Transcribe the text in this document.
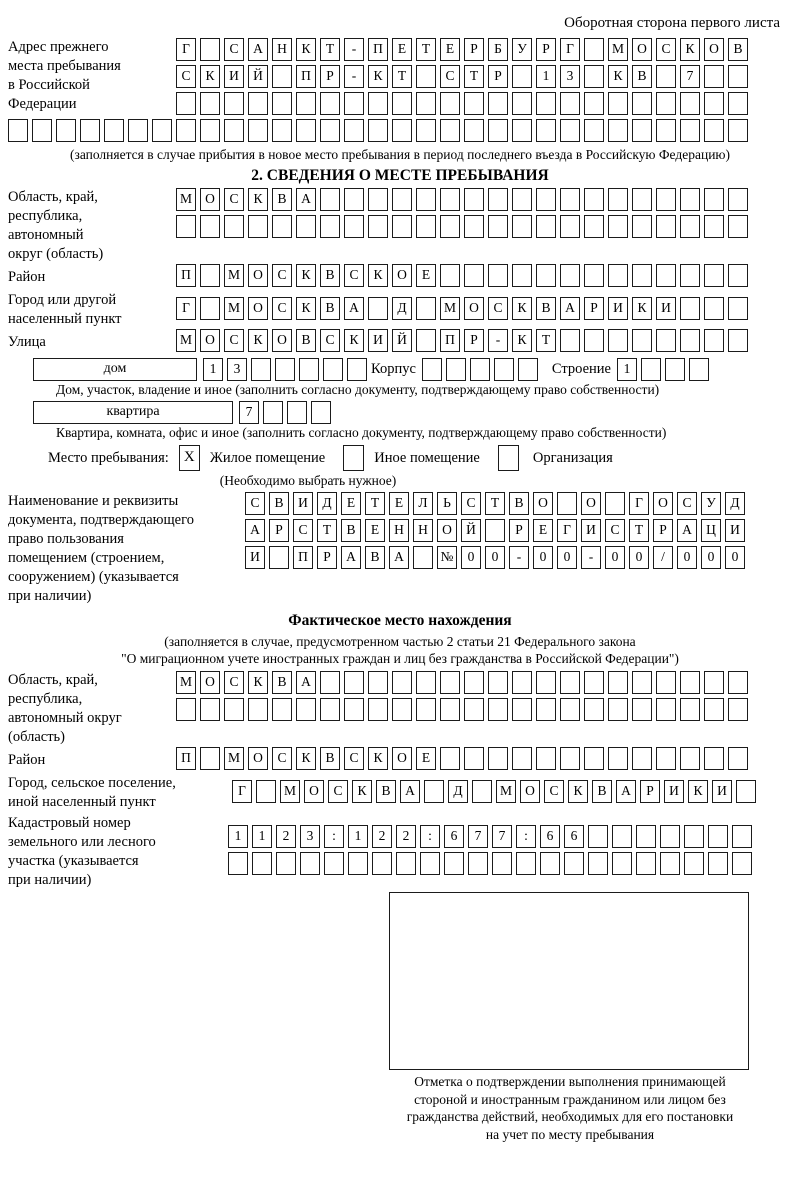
Оборотная сторона первого листа
Адрес прежнего
места пребывания
в Российской
Федерации
Г	С А Н К Т - П Е Т Е Р Б У Р Г	М О С К О В
С К И Й	П Р - К Т	С Т Р	1 3	К В	7
(заполняется в случае прибытия в новое место пребывания в период последнего въезда в Российскую Федерацию)
2. СВЕДЕНИЯ О МЕСТЕ ПРЕБЫВАНИЯ
Область, край,
республика,
автономный
округ (область)
М О С К В А
Район	П	М О С К В С К О Е
Город или другой
населенный пункт
Г	М О С К В А	Д	М О С К В А Р И К И
Улица	М О С К О В С К И Й	П Р - К Т
дом	1 3	Корпус	Строение 1
Дом, участок, владение и иное (заполнить согласно документу, подтверждающему право собственности)
квартира	7
Квартира, комната, офис и иное (заполнить согласно документу, подтверждающему право собственности)
Место пребывания:	X	Жилое помещение	Иное помещение	Организация
(Необходимо выбрать нужное)
Наименование и реквизиты
документа, подтверждающего
право пользования
помещением (строением,
сооружением) (указывается
при наличии)
С В И Д Е Т Е Л Ь С Т В О	О	Г О С У Д
А Р С Т В Е Н Н О Й	Р Е Г И С Т Р А Ц И
И	П Р А В А	№ 0 0 - 0 0 - 0 0 / 0 0 0
Фактическое место нахождения
(заполняется в случае, предусмотренном частью 2 статьи 21 Федерального закона
"О миграционном учете иностранных граждан и лиц без гражданства в Российской Федерации")
Область, край,
республика,
автономный округ
(область)
М О С К В А
Район	П	М О С К В С К О Е
Город, сельское поселение,
иной населенный пункт
Г	М О С К В А	Д	М О С К В А Р И К И
Кадастровый номер
земельного или лесного
участка (указывается
при наличии)
1 1 2 3 : 1 2 2 : 6 7 7 : 6 6
Отметка о подтверждении выполнения принимающей
стороной и иностранным гражданином или лицом без
гражданства действий, необходимых для его постановки
на учет по месту пребывания
